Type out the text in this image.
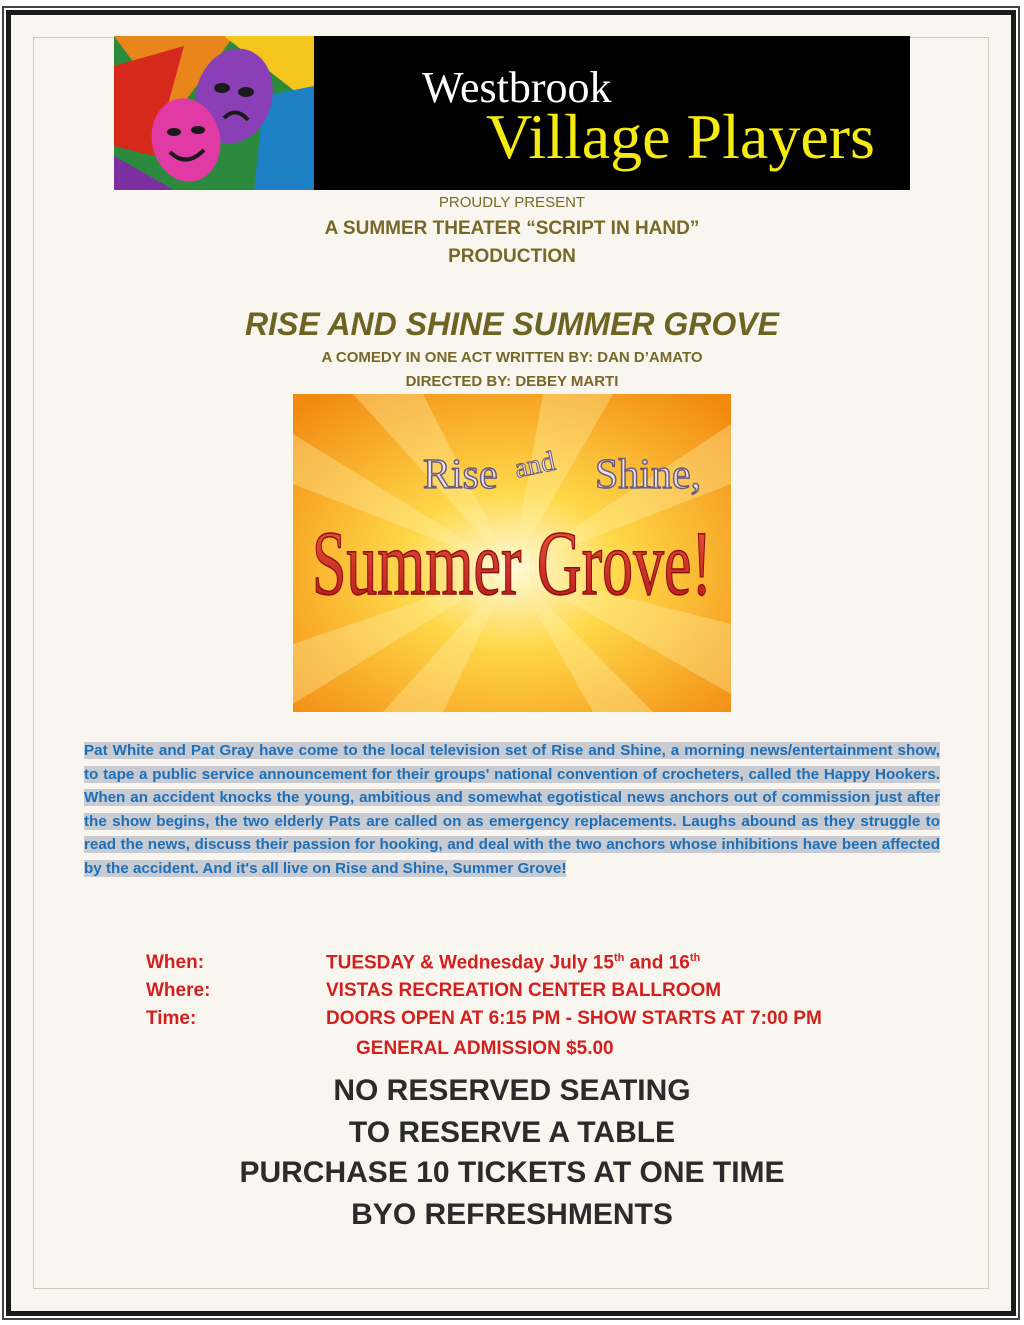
Westbrook

Village Players

PROUDLY PRESENT

A SUMMER THEATER “SCRIPT IN HAND”

PRODUCTION

RISE AND SHINE SUMMER GROVE

A COMEDY IN ONE ACT WRITTEN BY: DAN D’AMATO

DIRECTED BY: DEBEY MARTI

Rise and Shine,
Summer Grove!

Pat White and Pat Gray have come to the local television set of Rise and Shine, a morning news/entertainment show, to tape a public service announcement for their groups' national convention of crocheters, called the Happy Hookers. When an accident knocks the young, ambitious and somewhat egotistical news anchors out of commission just after the show begins, the two elderly Pats are called on as emergency replacements. Laughs abound as they struggle to read the news, discuss their passion for hooking, and deal with the two anchors whose inhibitions have been affected by the accident. And it's all live on Rise and Shine, Summer Grove!

When:	TUESDAY & Wednesday July 15th and 16th
Where:	VISTAS RECREATION CENTER BALLROOM
Time:	DOORS OPEN AT 6:15 PM - SHOW STARTS AT 7:00 PM
GENERAL ADMISSION $5.00

NO RESERVED SEATING

TO RESERVE A TABLE

PURCHASE 10 TICKETS AT ONE TIME

BYO REFRESHMENTS
